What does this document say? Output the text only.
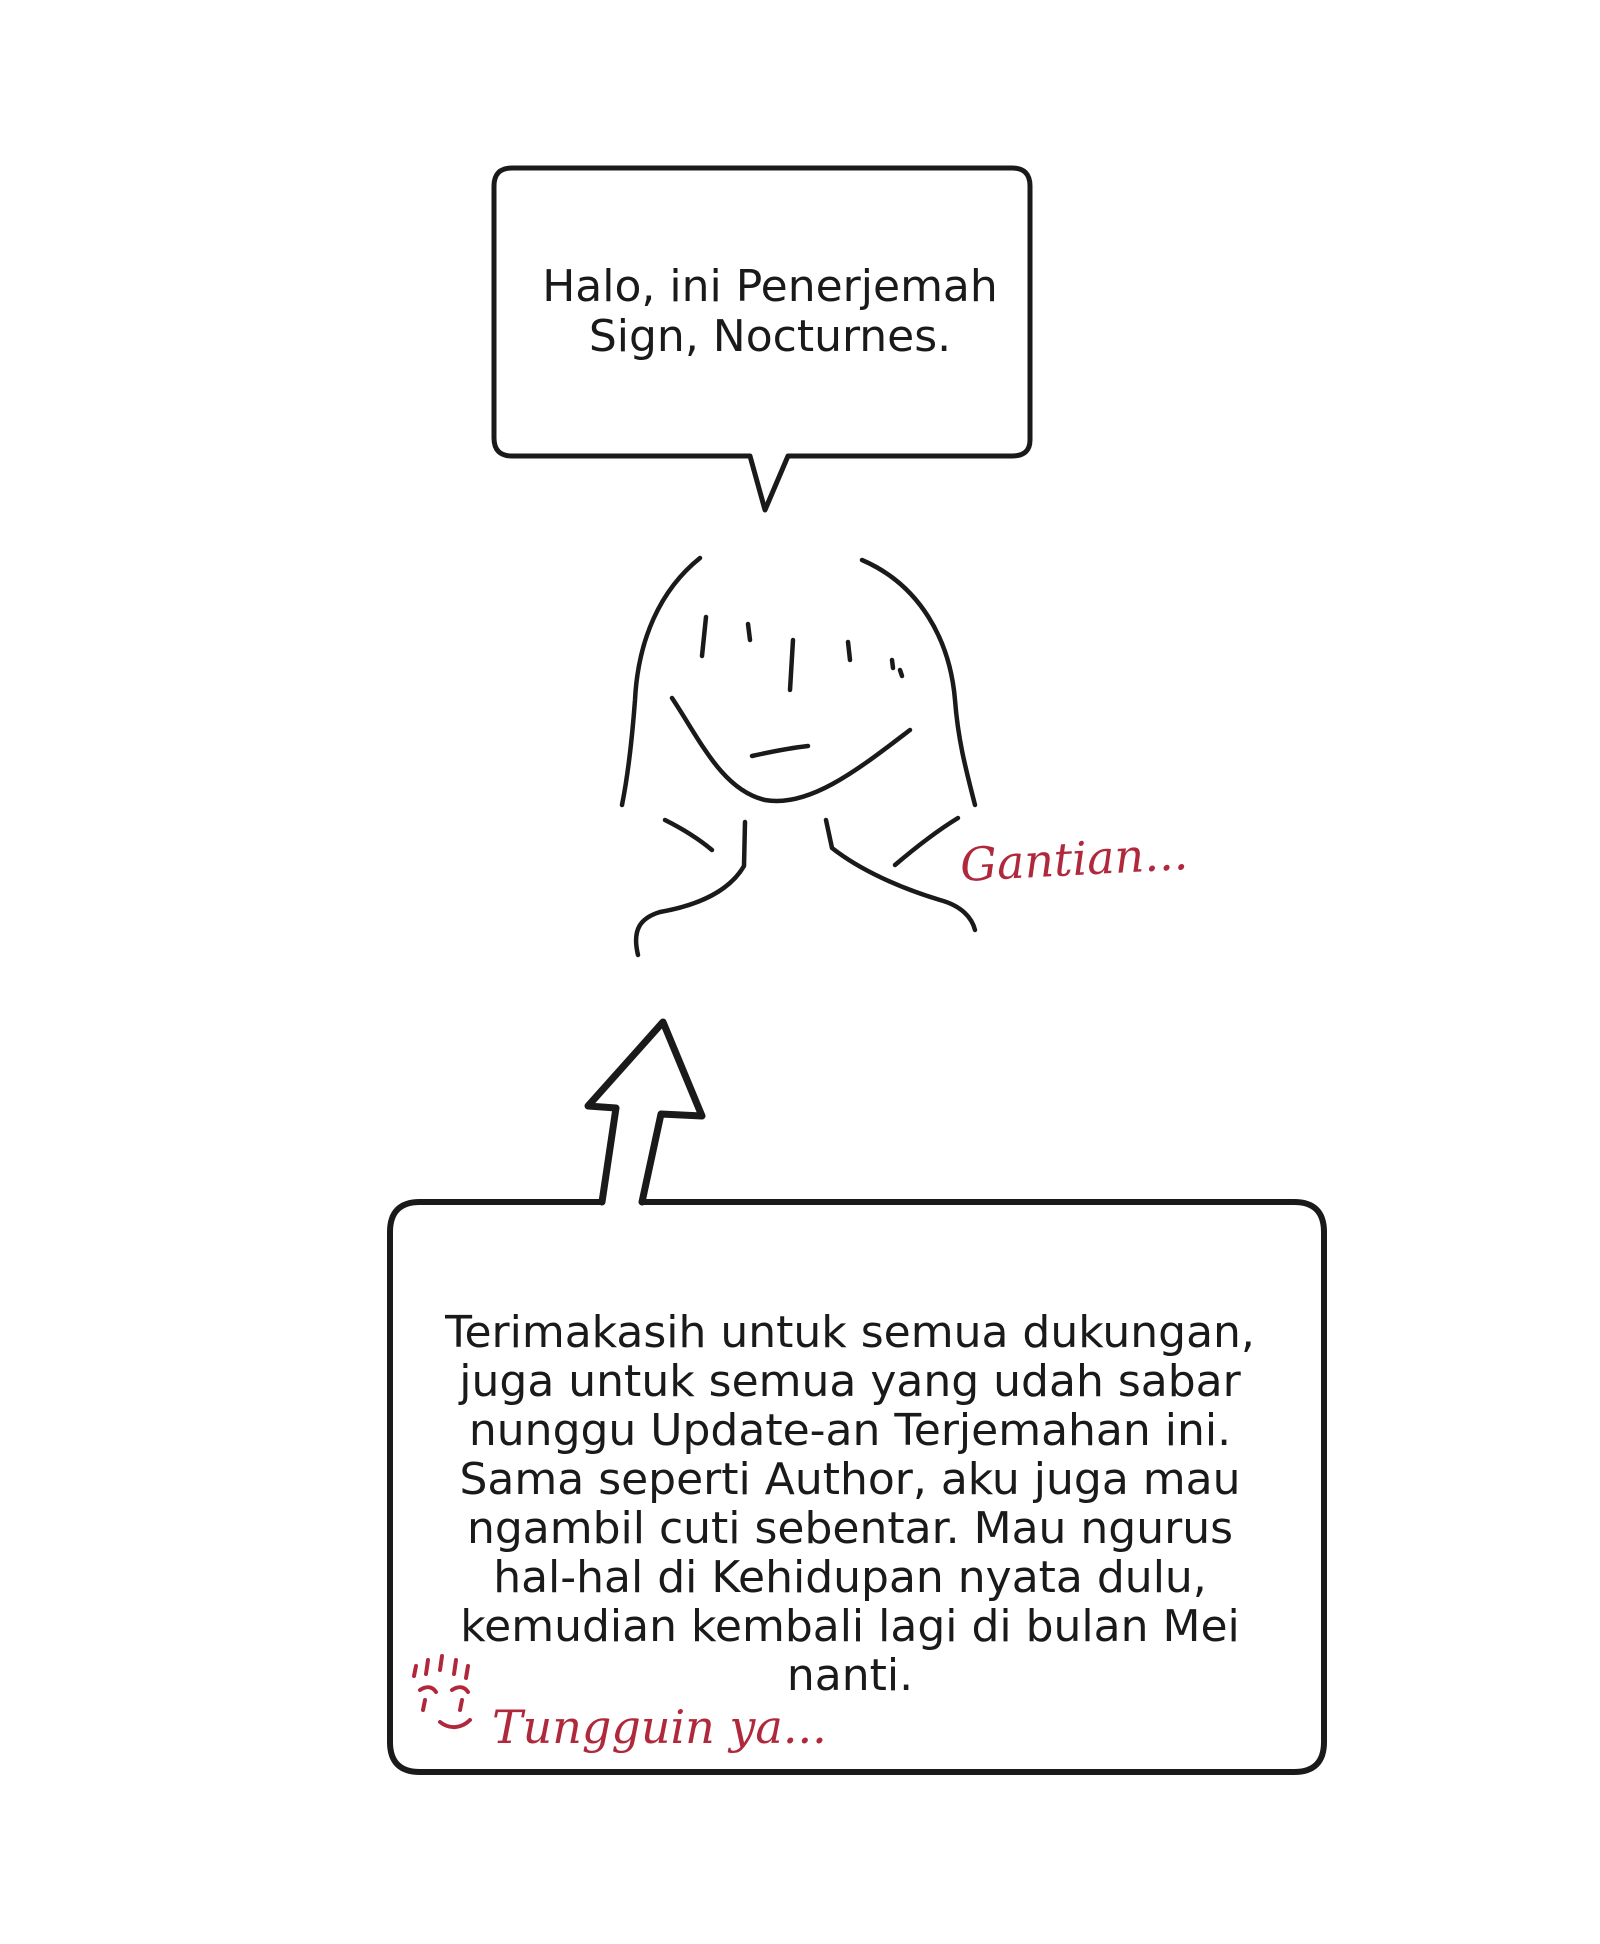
Halo, ini Penerjemah
Sign, Nocturnes.
Gantian...
Terimakasih untuk semua dukungan,
juga untuk semua yang udah sabar
nunggu Update-an Terjemahan ini.
Sama seperti Author, aku juga mau
ngambil cuti sebentar. Mau ngurus
hal-hal di Kehidupan nyata dulu,
kemudian kembali lagi di bulan Mei
nanti.
Tungguin ya...
